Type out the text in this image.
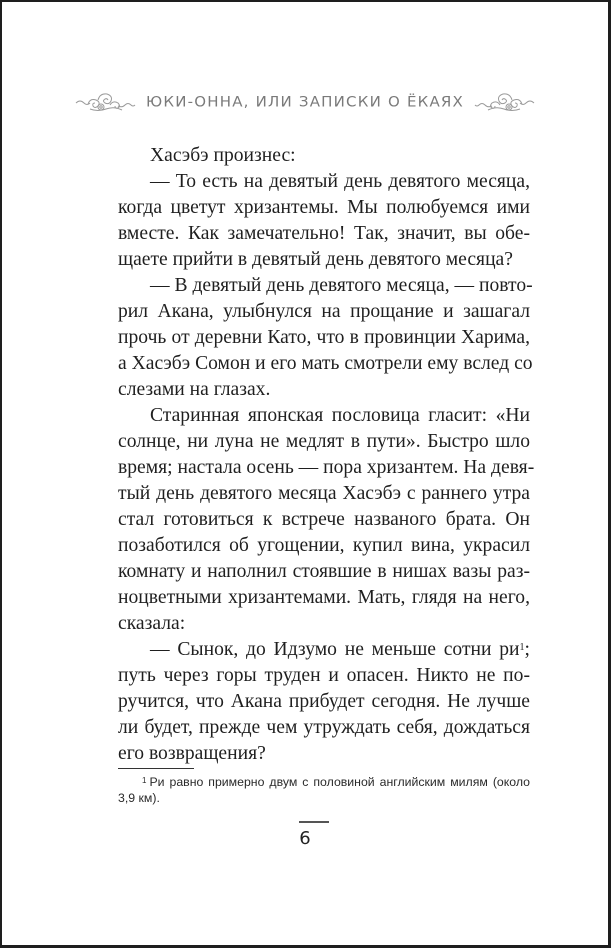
ЮКИ-ОННА, ИЛИ ЗАПИСКИ О ЁКАЯХ
Хасэбэ произнес:
— То есть на девятый день девятого месяца,
когда цветут хризантемы. Мы полюбуемся ими
вместе. Как замечательно! Так, значит, вы обе-
щаете прийти в девятый день девятого месяца?
— В девятый день девятого месяца, — повто-
рил Акана, улыбнулся на прощание и зашагал
прочь от деревни Като, что в провинции Харима,
а Хасэбэ Сомон и его мать смотрели ему вслед со
слезами на глазах.
Старинная японская пословица гласит: «Ни
солнце, ни луна не медлят в пути». Быстро шло
время; настала осень — пора хризантем. На девя-
тый день девятого месяца Хасэбэ с раннего утра
стал готовиться к встрече названого брата. Он
позаботился об угощении, купил вина, украсил
комнату и наполнил стоявшие в нишах вазы раз-
ноцветными хризантемами. Мать, глядя на него,
сказала:
— Сынок, до Идзумо не меньше сотни $ри^1$;
путь через горы труден и опасен. Никто не по-
ручится, что Акана прибудет сегодня. Не лучше
ли будет, прежде чем утруждать себя, дождаться
его возвращения?
$^1$ Ри равно примерно двум с половиной английским милям (около
3,9 км).
6
